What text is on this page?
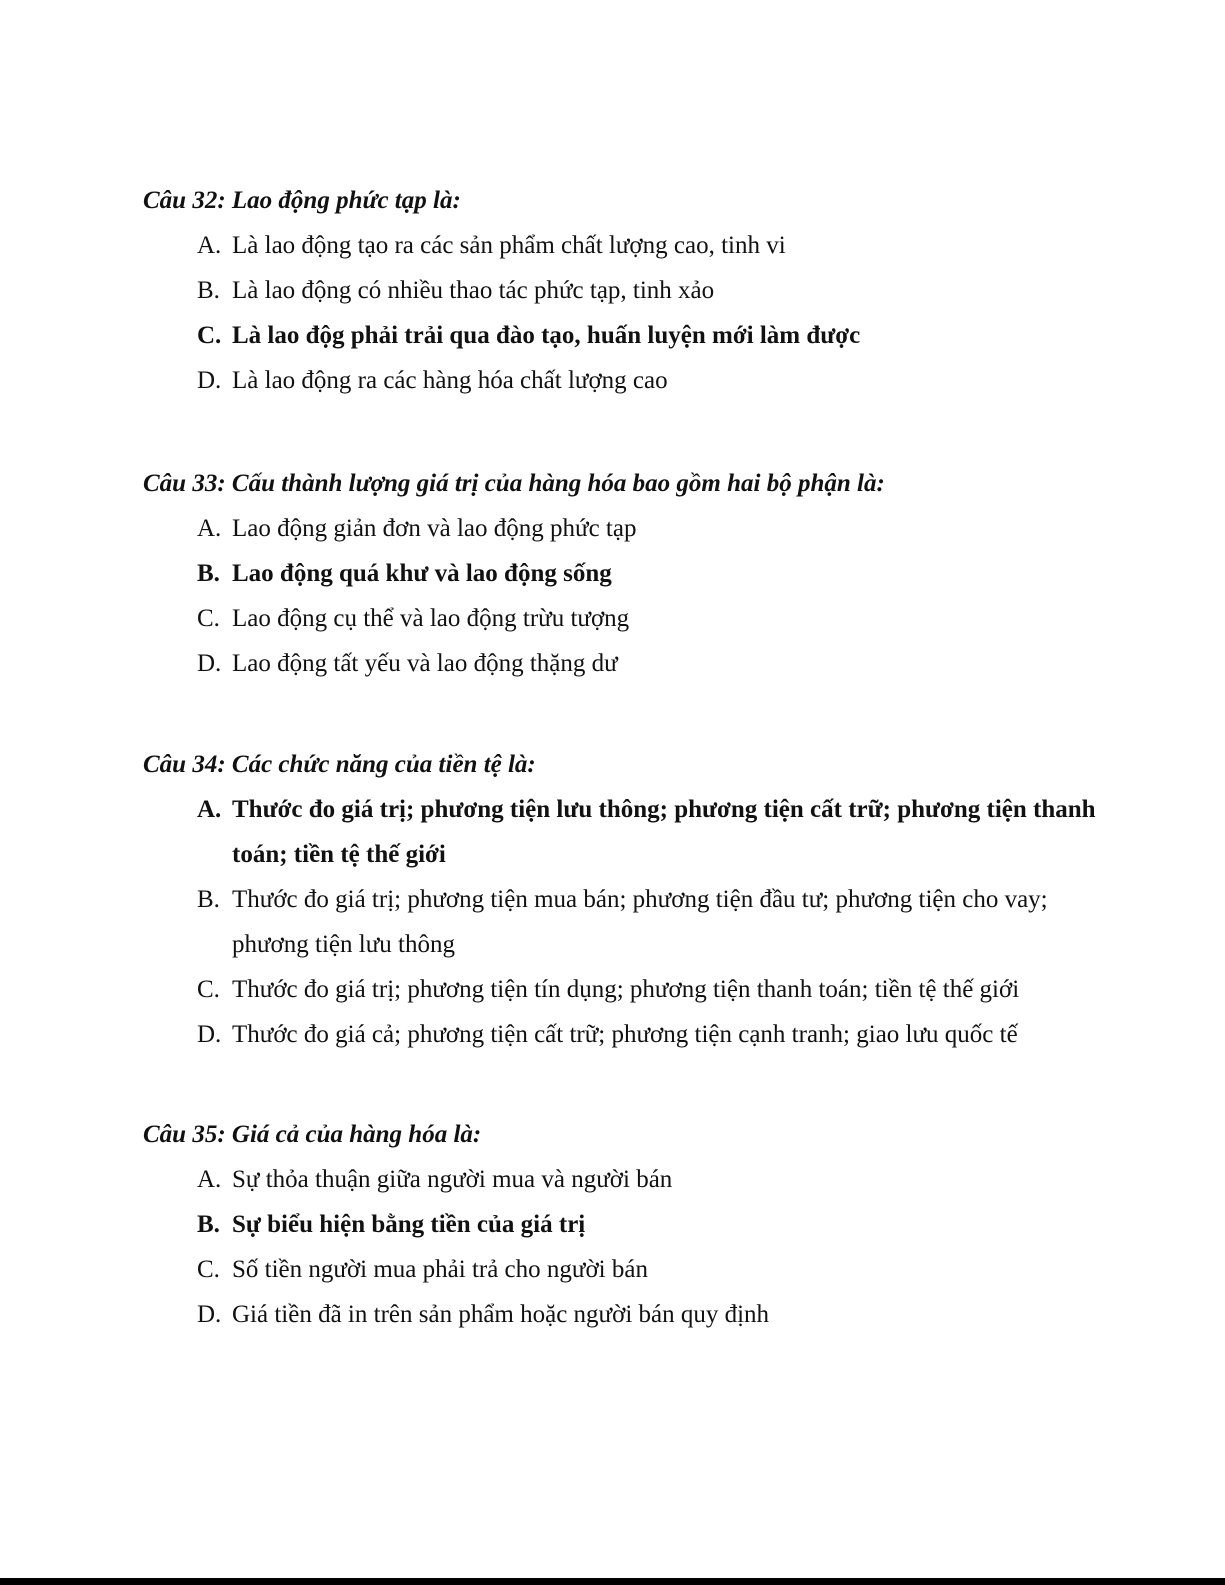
Câu 32: Lao động phức tạp là:
A. Là lao động tạo ra các sản phẩm chất lượng cao, tinh vi
B. Là lao động có nhiều thao tác phức tạp, tinh xảo
C. Là lao độg phải trải qua đào tạo, huấn luyện mới làm được
D. Là lao động ra các hàng hóa chất lượng cao
Câu 33: Cấu thành lượng giá trị của hàng hóa bao gồm hai bộ phận là:
A. Lao động giản đơn và lao động phức tạp
B. Lao động quá khư và lao động sống
C. Lao động cụ thể và lao động trừu tượng
D. Lao động tất yếu và lao động thặng dư
Câu 34: Các chức năng của tiền tệ là:
A. Thước đo giá trị; phương tiện lưu thông; phương tiện cất trữ; phương tiện thanh toán; tiền tệ thế giới
B. Thước đo giá trị; phương tiện mua bán; phương tiện đầu tư; phương tiện cho vay; phương tiện lưu thông
C. Thước đo giá trị; phương tiện tín dụng; phương tiện thanh toán; tiền tệ thế giới
D. Thước đo giá cả; phương tiện cất trữ; phương tiện cạnh tranh; giao lưu quốc tế
Câu 35: Giá cả của hàng hóa là:
A. Sự thỏa thuận giữa người mua và người bán
B. Sự biểu hiện bằng tiền của giá trị
C. Số tiền người mua phải trả cho người bán
D. Giá tiền đã in trên sản phẩm hoặc người bán quy định
